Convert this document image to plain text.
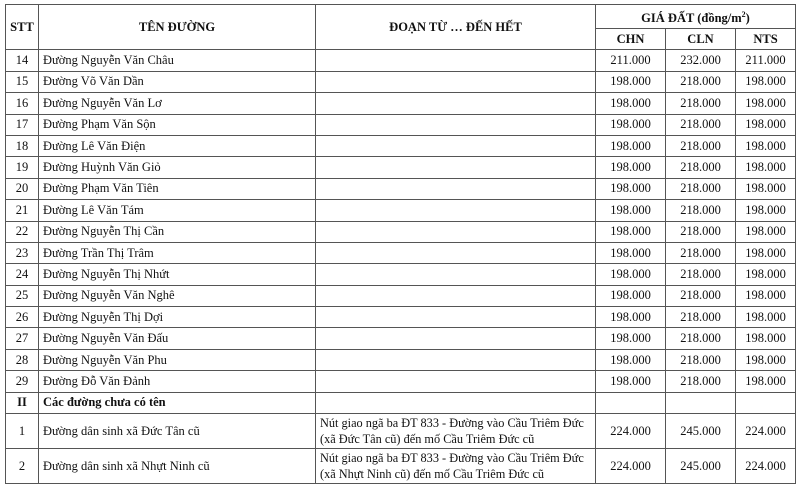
STT	TÊN ĐƯỜNG	ĐOẠN TỪ … ĐẾN HẾT	GIÁ ĐẤT $(đồng/m^2)$		
			CHN	CLN	NTS
14	Đường Nguyễn Văn Châu		211.000	232.000	211.000
15	Đường Võ Văn Dần		198.000	218.000	198.000
16	Đường Nguyễn Văn Lơ		198.000	218.000	198.000
17	Đường Phạm Văn Sộn		198.000	218.000	198.000
18	Đường Lê Văn Điện		198.000	218.000	198.000
19	Đường Huỳnh Văn Giỏ		198.000	218.000	198.000
20	Đường Phạm Văn Tiên		198.000	218.000	198.000
21	Đường Lê Văn Tám		198.000	218.000	198.000
22	Đường Nguyễn Thị Cần		198.000	218.000	198.000
23	Đường Trần Thị Trâm		198.000	218.000	198.000
24	Đường Nguyễn Thị Nhứt		198.000	218.000	198.000
25	Đường Nguyễn Văn Nghê		198.000	218.000	198.000
26	Đường Nguyễn Thị Dợi		198.000	218.000	198.000
27	Đường Nguyễn Văn Đấu		198.000	218.000	198.000
28	Đường Nguyễn Văn Phu		198.000	218.000	198.000
29	Đường Đỗ Văn Đảnh		198.000	218.000	198.000
II	Các đường chưa có tên				
1	Đường dân sinh xã Đức Tân cũ	Nút giao ngã ba ĐT 833 - Đường vào Cầu Triêm Đức (xã Đức Tân cũ) đến mố Cầu Triêm Đức cũ	224.000	245.000	224.000
2	Đường dân sinh xã Nhựt Ninh cũ	Nút giao ngã ba ĐT 833 - Đường vào Cầu Triêm Đức (xã Nhựt Ninh cũ) đến mố Cầu Triêm Đức cũ	224.000	245.000	224.000
